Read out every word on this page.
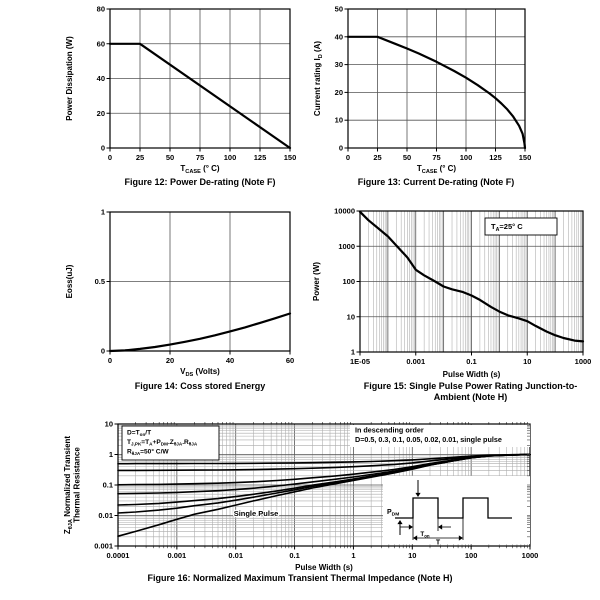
0	25	50	75	100 125 150
0
20
40
60
80
$T_{CASE}$ (° C)
Power Dissipation (W)
Figure 12: Power De-rating (Note F)
0	25	50	75	100 125 150
0
10
20
30
40
50
$T_{CASE}$ (° C)
Current rating $I_D$ (A)
Figure 13: Current De-rating (Note F)
0	20	40	60
0
0.5
1
$V_{DS}$ (Volts)
Eoss(uJ)
Figure 14: Coss stored Energy
$T_A=25^\circ$ C
1E-05	0.001	0.1	10	1000
1
10
100
1000
10000
Pulse Width (s)
Power (W)
Figure 15: Single Pulse Power Rating Junction-to-Ambient (Note H)
In descending order
D=0.5, 0.3, 0.1, 0.05, 0.02, 0.01, single pulse
$D=T_{on}/T$
$T_{J,PK}=T_A+P_{DM}.Z_{\theta JA}.R_{\theta JA}$
$R_{\theta JA}=50^\circ$ C/W
$P_{DM}$
$T_{on}$
T
Single Pulse
0.0001	0.001	0.01	0.1	1	10	100	1000
0.001
0.01
0.1
1
10
Pulse Width (s)
$Z_{\theta JA}$ Normalized Transient Thermal Resistance
Figure 16: Normalized Maximum Transient Thermal Impedance (Note H)
